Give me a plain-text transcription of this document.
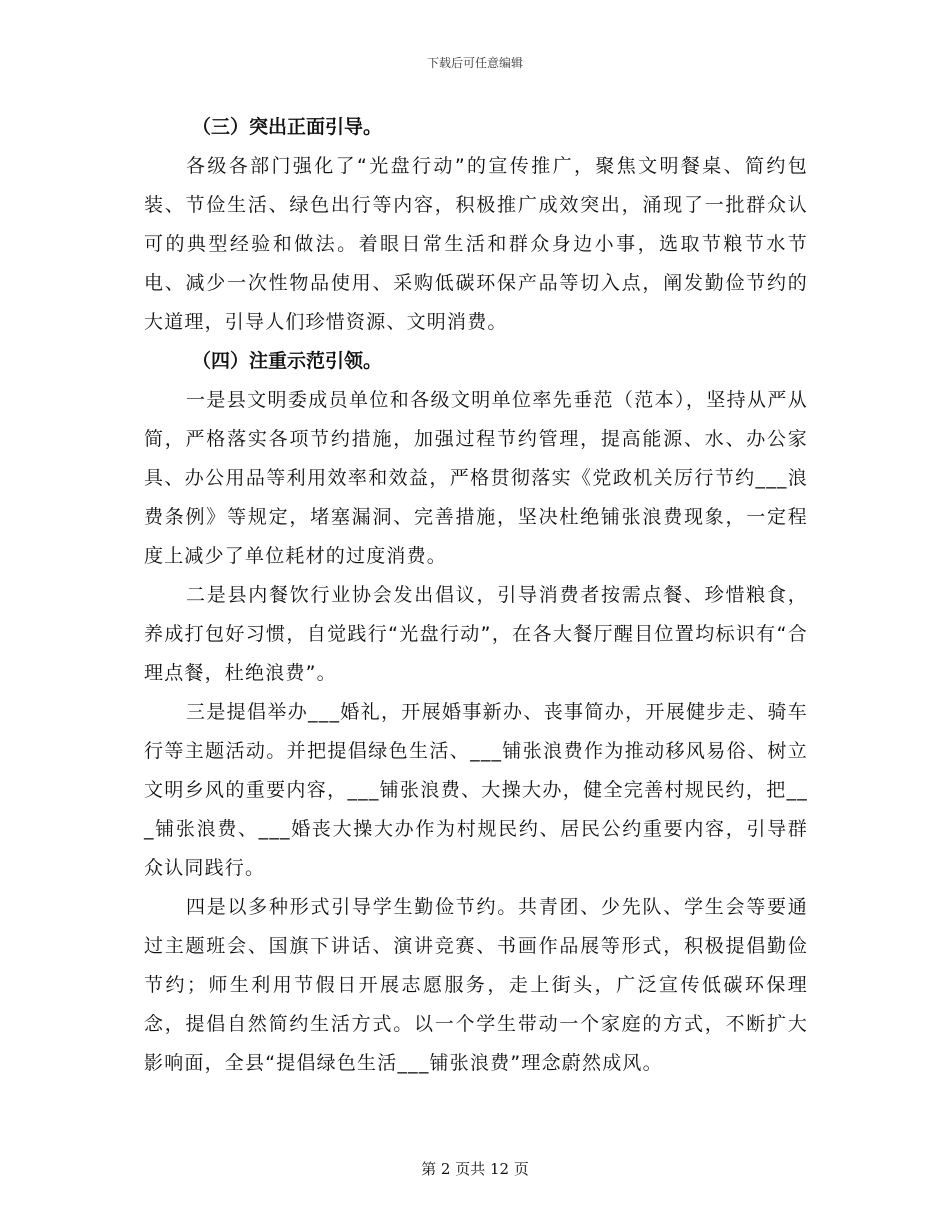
下载后可任意编辑
（三）突出正面引导。

各级各部门强化了“光盘行动”的宣传推广，聚焦文明餐桌、简约包装、节俭生活、绿色出行等内容，积极推广成效突出，涌现了一批群众认可的典型经验和做法。着眼日常生活和群众身边小事，选取节粮节水节电、减少一次性物品使用、采购低碳环保产品等切入点，阐发勤俭节约的大道理，引导人们珍惜资源、文明消费。

（四）注重示范引领。

一是县文明委成员单位和各级文明单位率先垂范（范本），坚持从严从简，严格落实各项节约措施，加强过程节约管理，提高能源、水、办公家具、办公用品等利用效率和效益，严格贯彻落实《党政机关厉行节约___浪费条例》等规定，堵塞漏洞、完善措施，坚决杜绝铺张浪费现象，一定程度上减少了单位耗材的过度消费。

二是县内餐饮行业协会发出倡议，引导消费者按需点餐、珍惜粮食，养成打包好习惯，自觉践行“光盘行动”，在各大餐厅醒目位置均标识有“合理点餐，杜绝浪费”。

三是提倡举办___婚礼，开展婚事新办、丧事简办，开展健步走、骑车行等主题活动。并把提倡绿色生活、___铺张浪费作为推动移风易俗、树立文明乡风的重要内容，___铺张浪费、大操大办，健全完善村规民约，把___铺张浪费、___婚丧大操大办作为村规民约、居民公约重要内容，引导群众认同践行。

四是以多种形式引导学生勤俭节约。共青团、少先队、学生会等要通过主题班会、国旗下讲话、演讲竞赛、书画作品展等形式，积极提倡勤俭节约；师生利用节假日开展志愿服务，走上街头，广泛宣传低碳环保理念，提倡自然简约生活方式。以一个学生带动一个家庭的方式，不断扩大影响面，全县“提倡绿色生活___铺张浪费”理念蔚然成风。

第 2 页共 12 页
